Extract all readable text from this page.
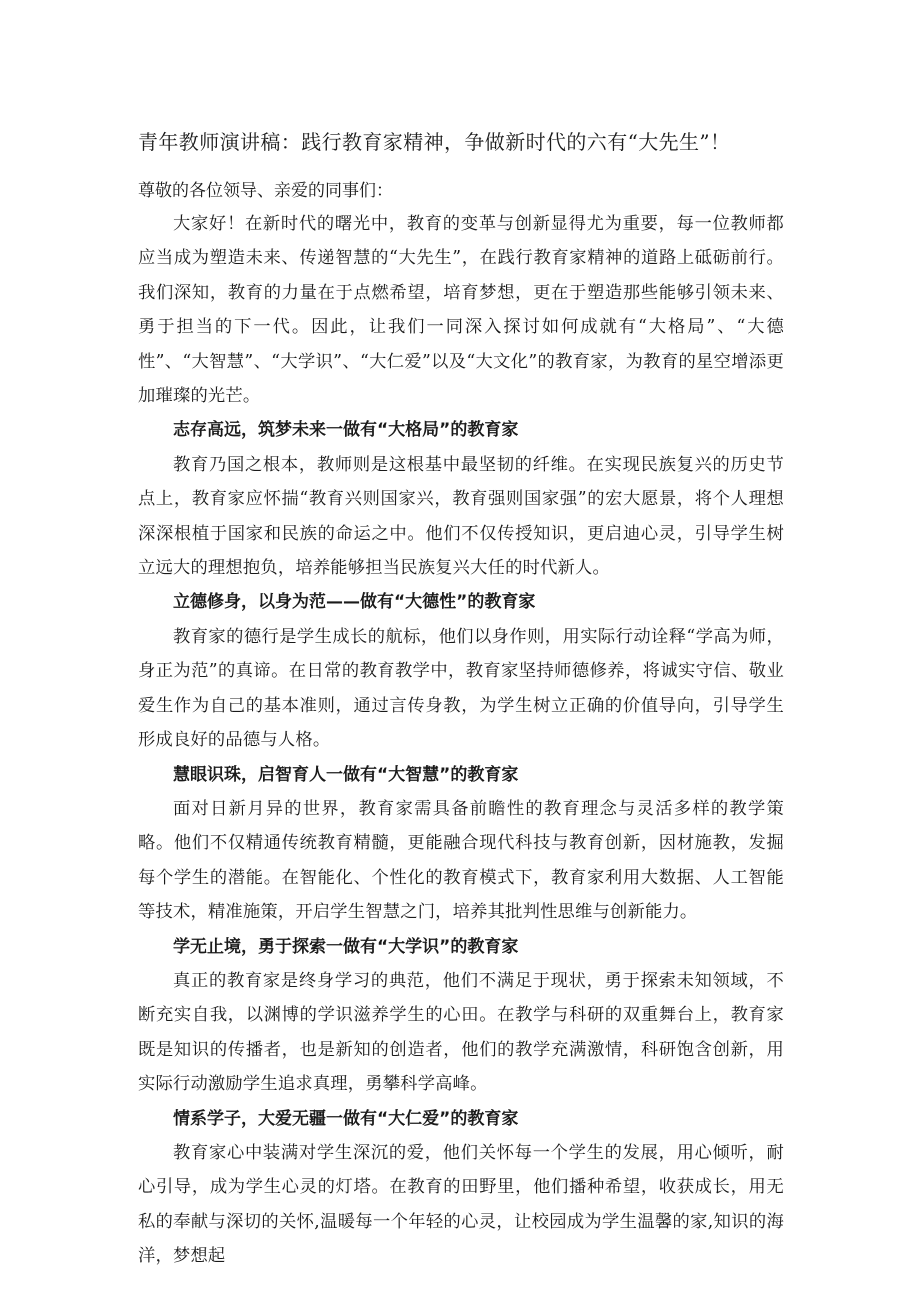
青年教师演讲稿：践行教育家精神，争做新时代的六有“大先生”！

尊敬的各位领导、亲爱的同事们：

大家好！在新时代的曙光中，教育的变革与创新显得尤为重要，每一位教师都应当成为塑造未来、传递智慧的“大先生”，在践行教育家精神的道路上砥砺前行。我们深知，教育的力量在于点燃希望，培育梦想，更在于塑造那些能够引领未来、勇于担当的下一代。因此，让我们一同深入探讨如何成就有“大格局”、“大德性”、“大智慧”、“大学识”、“大仁爱”以及“大文化”的教育家，为教育的星空增添更加璀璨的光芒。

志存高远，筑梦未来一做有“大格局”的教育家

教育乃国之根本，教师则是这根基中最坚韧的纤维。在实现民族复兴的历史节点上，教育家应怀揣“教育兴则国家兴，教育强则国家强”的宏大愿景，将个人理想深深根植于国家和民族的命运之中。他们不仅传授知识，更启迪心灵，引导学生树立远大的理想抱负，培养能够担当民族复兴大任的时代新人。

立德修身，以身为范——做有“大德性”的教育家

教育家的德行是学生成长的航标，他们以身作则，用实际行动诠释“学高为师，身正为范”的真谛。在日常的教育教学中，教育家坚持师德修养，将诚实守信、敬业爱生作为自己的基本准则，通过言传身教，为学生树立正确的价值导向，引导学生形成良好的品德与人格。

慧眼识珠，启智育人一做有“大智慧”的教育家

面对日新月异的世界，教育家需具备前瞻性的教育理念与灵活多样的教学策略。他们不仅精通传统教育精髓，更能融合现代科技与教育创新，因材施教，发掘每个学生的潜能。在智能化、个性化的教育模式下，教育家利用大数据、人工智能等技术，精准施策，开启学生智慧之门，培养其批判性思维与创新能力。

学无止境，勇于探索一做有“大学识”的教育家

真正的教育家是终身学习的典范，他们不满足于现状，勇于探索未知领域，不断充实自我，以渊博的学识滋养学生的心田。在教学与科研的双重舞台上，教育家既是知识的传播者，也是新知的创造者，他们的教学充满激情，科研饱含创新，用实际行动激励学生追求真理，勇攀科学高峰。

情系学子，大爱无疆一做有“大仁爱”的教育家

教育家心中装满对学生深沉的爱，他们关怀每一个学生的发展，用心倾听，耐心引导，成为学生心灵的灯塔。在教育的田野里，他们播种希望，收获成长，用无私的奉献与深切的关怀,温暖每一个年轻的心灵，让校园成为学生温馨的家,知识的海洋，梦想起
